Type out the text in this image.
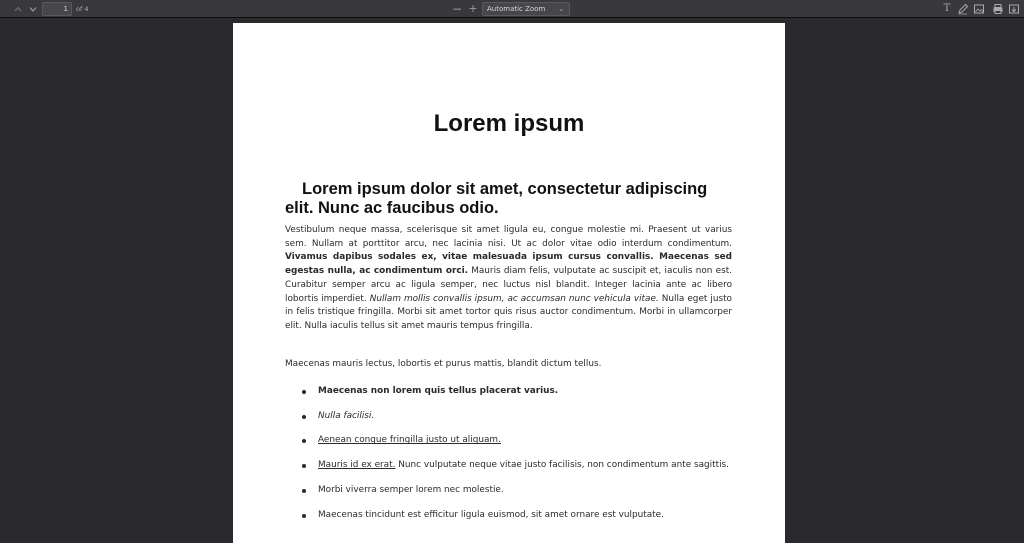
1	of 4	− +	Automatic Zoom ⌄	T
Lorem ipsum
Lorem ipsum dolor sit amet, consectetur adipiscing elit. Nunc ac faucibus odio.

Vestibulum neque massa, scelerisque sit amet ligula eu, congue molestie mi. Praesent ut varius sem. Nullam at porttitor arcu, nec lacinia nisi. Ut ac dolor vitae odio interdum condimentum. Vivamus dapibus sodales ex, vitae malesuada ipsum cursus convallis. Maecenas sed egestas nulla, ac condimentum orci. Mauris diam felis, vulputate ac suscipit et, iaculis non est. Curabitur semper arcu ac ligula semper, nec luctus nisl blandit. Integer lacinia ante ac libero lobortis imperdiet. Nullam mollis convallis ipsum, ac accumsan nunc vehicula vitae. Nulla eget justo in felis tristique fringilla. Morbi sit amet tortor quis risus auctor condimentum. Morbi in ullamcorper elit. Nulla iaculis tellus sit amet mauris tempus fringilla.

Maecenas mauris lectus, lobortis et purus mattis, blandit dictum tellus.

Maecenas non lorem quis tellus placerat varius.
Nulla facilisi.
Aenean congue fringilla justo ut aliquam.
Mauris id ex erat. Nunc vulputate neque vitae justo facilisis, non condimentum ante sagittis.
Morbi viverra semper lorem nec molestie.
Maecenas tincidunt est efficitur ligula euismod, sit amet ornare est vulputate.
